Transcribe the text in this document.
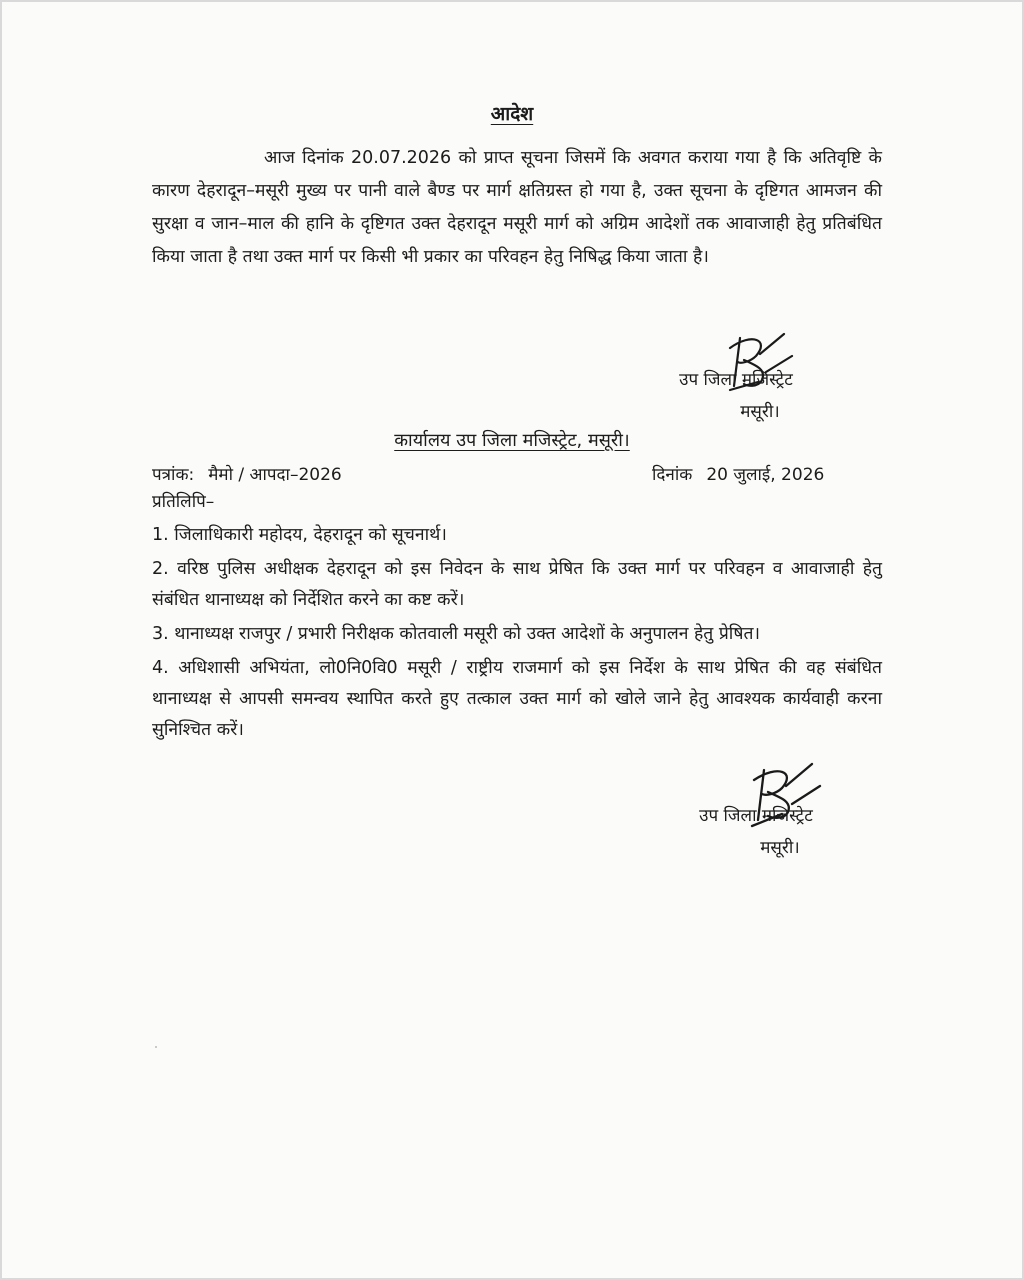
आदेश

आज दिनांक 20.07.2026 को प्राप्त सूचना जिसमें कि अवगत कराया गया है कि अतिवृष्टि के कारण देहरादून–मसूरी मुख्य पर पानी वाले बैण्ड पर मार्ग क्षतिग्रस्त हो गया है, उक्त सूचना के दृष्टिगत आमजन की सुरक्षा व जान–माल की हानि के दृष्टिगत उक्त देहरादून मसूरी मार्ग को अग्रिम आदेशों तक आवाजाही हेतु प्रतिबंधित किया जाता है तथा उक्त मार्ग पर किसी भी प्रकार का परिवहन हेतु निषिद्ध किया जाता है।

उप जिला मजिस्ट्रेट
मसूरी।
कार्यालय उप जिला मजिस्ट्रेट, मसूरी।
पत्रांक: मैमो / आपदा–2026	दिनांक 20 जुलाई, 2026
प्रतिलिपि–
1. जिलाधिकारी महोदय, देहरादून को सूचनार्थ।
2. वरिष्ठ पुलिस अधीक्षक देहरादून को इस निवेदन के साथ प्रेषित कि उक्त मार्ग पर परिवहन व आवाजाही हेतु संबंधित थानाध्यक्ष को निर्देशित करने का कष्ट करें।
3. थानाध्यक्ष राजपुर / प्रभारी निरीक्षक कोतवाली मसूरी को उक्त आदेशों के अनुपालन हेतु प्रेषित।
4. अधिशासी अभियंता, लो0नि0वि0 मसूरी / राष्ट्रीय राजमार्ग को इस निर्देश के साथ प्रेषित की वह संबंधित थानाध्यक्ष से आपसी समन्वय स्थापित करते हुए तत्काल उक्त मार्ग को खोले जाने हेतु आवश्यक कार्यवाही करना सुनिश्चित करें।
उप जिला मजिस्ट्रेट
मसूरी।
